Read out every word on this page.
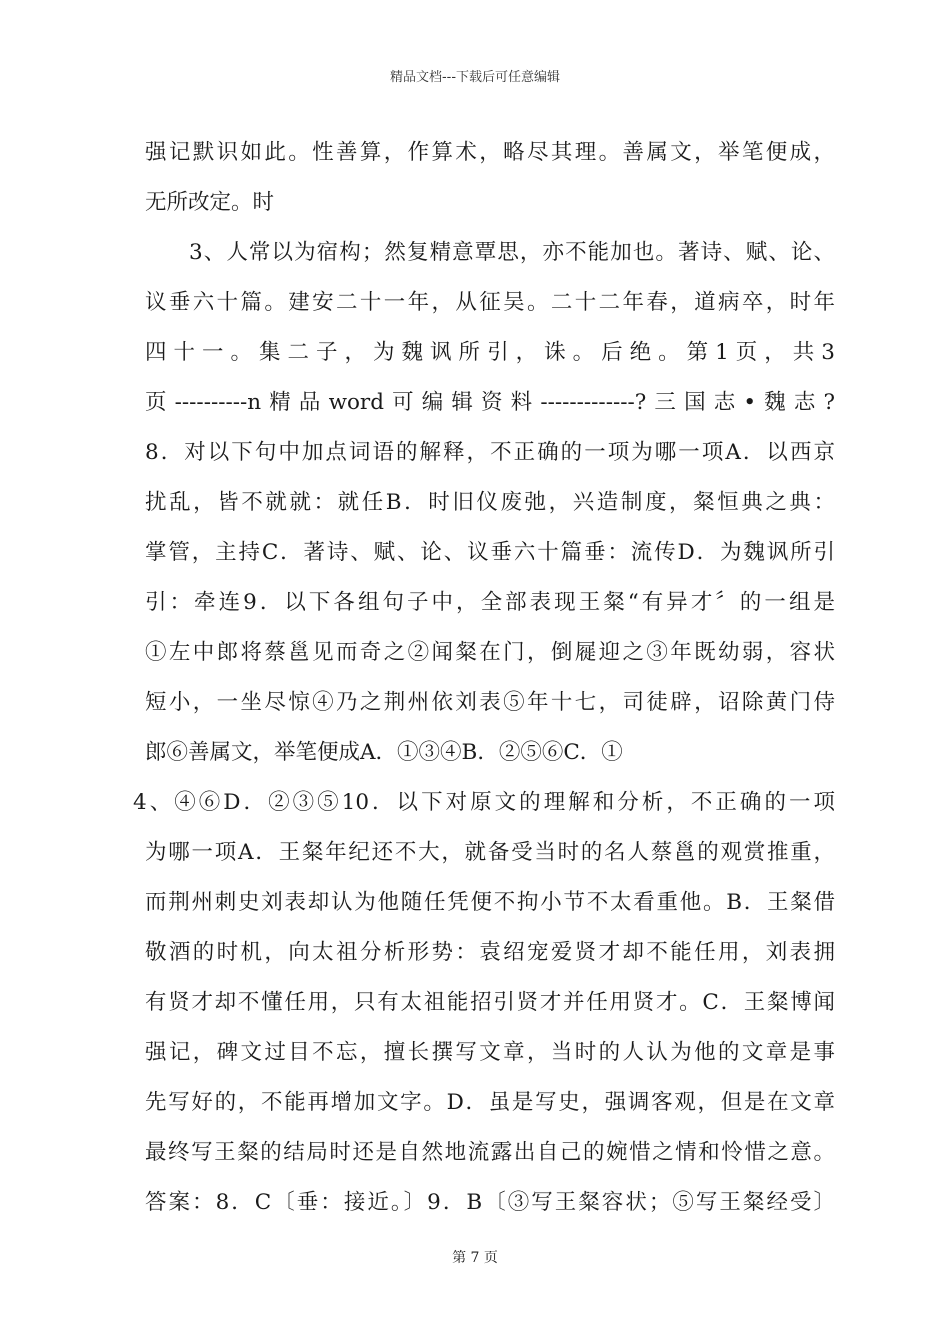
精品文档---下载后可任意编辑
强记默识如此。性善算，作算术，略尽其理。善属文，举笔便成，
无所改定。时
3、人常以为宿构；然复精意覃思，亦不能加也。著诗、赋、论、
议垂六十篇。建安二十一年，从征吴。二十二年春，道病卒，时年
四十一。集二子，为魏讽所引，诛。后绝。第1页，共3
页----------n精品word可编辑资料-------------?三国志•魏志?
8．对以下句中加点词语的解释，不正确的一项为哪一项A．以西京
扰乱，皆不就就：就任B．时旧仪废弛，兴造制度，粲恒典之典：
掌管，主持C．著诗、赋、论、议垂六十篇垂：流传D．为魏讽所引
引：牵连9．以下各组句子中，全部表现王粲“有异才〞的一组是
①左中郎将蔡邕见而奇之②闻粲在门，倒屣迎之③年既幼弱，容状
短小，一坐尽惊④乃之荆州依刘表⑤年十七，司徒辟，诏除黄门侍
郎⑥善属文，举笔便成A．①③④B．②⑤⑥C．①
4、④⑥D．②③⑤10．以下对原文的理解和分析，不正确的一项
为哪一项A．王粲年纪还不大，就备受当时的名人蔡邕的观赏推重，
而荆州刺史刘表却认为他随任凭便不拘小节不太看重他。B．王粲借
敬酒的时机，向太祖分析形势：袁绍宠爱贤才却不能任用，刘表拥
有贤才却不懂任用，只有太祖能招引贤才并任用贤才。C．王粲博闻
强记，碑文过目不忘，擅长撰写文章，当时的人认为他的文章是事
先写好的，不能再增加文字。D．虽是写史，强调客观，但是在文章
最终写王粲的结局时还是自然地流露出自己的婉惜之情和怜惜之意。
答案：8．C〔垂：接近。〕9．B〔③写王粲容状；⑤写王粲经受〕
第 7 页
